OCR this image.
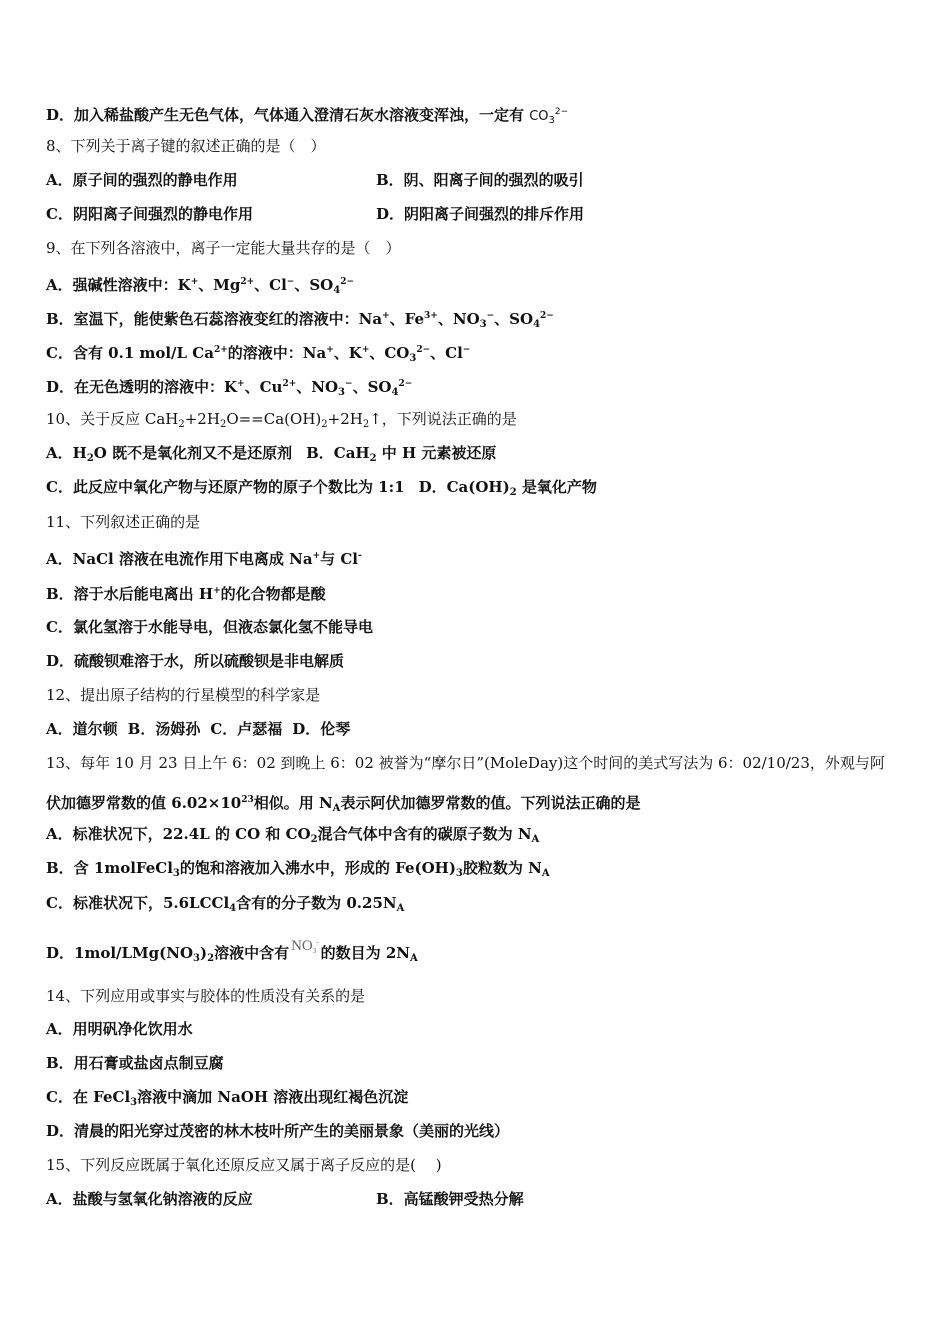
D．加入稀盐酸产生无色气体，气体通入澄清石灰水溶液变浑浊，一定有 $CO_3^{2-}$
8、下列关于离子键的叙述正确的是（　）
A．原子间的强烈的静电作用	B．阴、阳离子间的强烈的吸引
C．阴阳离子间强烈的静电作用	D．阴阳离子间强烈的排斥作用
9、在下列各溶液中，离子一定能大量共存的是（　）
A．强碱性溶液中：K+、$Mg^{2+}$、Cl−、$SO_4^{2-}$
B．室温下，能使紫色石蕊溶液变红的溶液中：Na+、$Fe^{3+}$、$NO_3^-$、$SO_4^{2-}$
C．含有 0.1 mol/L $Ca^{2+}$的溶液中：Na+、K+、$CO_3^{2-}$、Cl−
D．在无色透明的溶液中：K+、$Cu^{2+}$、$NO_3^-$、$SO_4^{2-}$
10、关于反应 $CaH_2+2H_2O==Ca(OH)_2+2H_2↑$，下列说法正确的是
A．$H_2O$ 既不是氧化剂又不是还原剂 B．CaH$_2$ 中 H 元素被还原
C．此反应中氧化产物与还原产物的原子个数比为 1:1 D．$Ca(OH)_2$ 是氧化产物
11、下列叙述正确的是
A．NaCl 溶液在电流作用下电离成 Na+与 Cl-
B．溶于水后能电离出 H+的化合物都是酸
C．氯化氢溶于水能导电，但液态氯化氢不能导电
D．硫酸钡难溶于水，所以硫酸钡是非电解质
12、提出原子结构的行星模型的科学家是
A．道尔顿 B．汤姆孙 C．卢瑟福 D．伦琴
13、每年 10 月 23 日上午 6：02 到晚上 6：02 被誉为“摩尔日”(MoleDay)这个时间的美式写法为 6：02/10/23，外观与阿
伏加德罗常数的值 $6.02\times 10^{23}$相似。用 $N_A$表示阿伏加德罗常数的值。下列说法正确的是
A．标准状况下，22.4L 的 CO 和 $CO_2$混合气体中含有的碳原子数为 $N_A$
B．含 1molFeCl$_3$的饱和溶液加入沸水中，形成的 $Fe(OH)_3$胶粒数为 $N_A$
C．标准状况下，5.6LCCl$_4$含有的分子数为 $0.25N_A$
D．$1mol/LMg(NO_3)_2$溶液中含有 $NO_3^-$的数目为 $2N_A$
14、下列应用或事实与胶体的性质没有关系的是
A．用明矾净化饮用水
B．用石膏或盐卤点制豆腐
C．在 FeCl$_3$溶液中滴加 NaOH 溶液出现红褐色沉淀
D．清晨的阳光穿过茂密的林木枝叶所产生的美丽景象（美丽的光线）
15、下列反应既属于氧化还原反应又属于离子反应的是(　 )
A．盐酸与氢氧化钠溶液的反应	B．高锰酸钾受热分解
